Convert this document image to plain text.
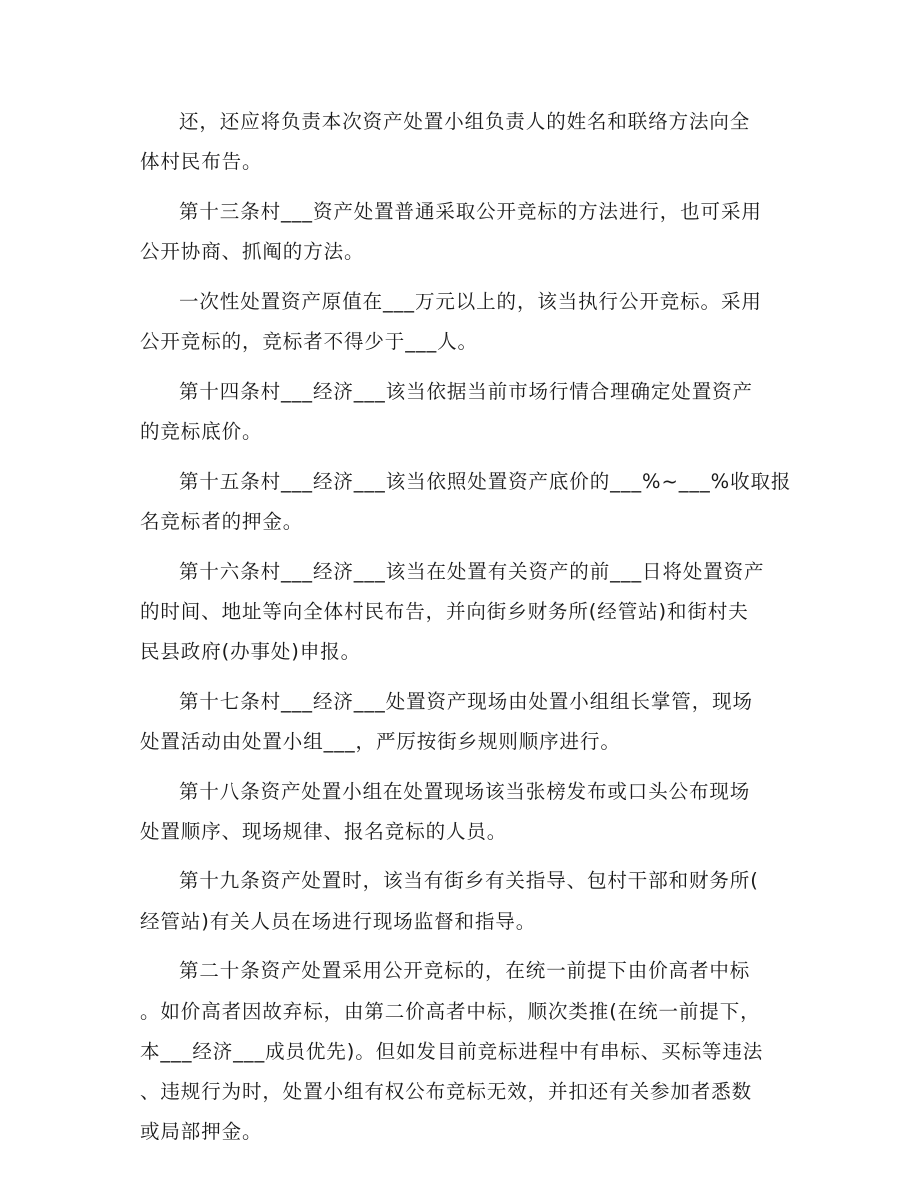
还，还应将负责本次资产处置小组负责人的姓名和联络方法向全
体村民布告。

第十三条村___资产处置普通采取公开竞标的方法进行，也可采用
公开协商、抓阄的方法。

一次性处置资产原值在___万元以上的，该当执行公开竞标。采用
公开竞标的，竞标者不得少于___人。

第十四条村___经济___该当依据当前市场行情合理确定处置资产
的竞标底价。

第十五条村___经济___该当依照处置资产底价的___%~___%收取报
名竞标者的押金。

第十六条村___经济___该当在处置有关资产的前___日将处置资产
的时间、地址等向全体村民布告，并向街乡财务所(经管站)和街村夫
民县政府(办事处)申报。

第十七条村___经济___处置资产现场由处置小组组长掌管，现场
处置活动由处置小组___，严厉按街乡规则顺序进行。

第十八条资产处置小组在处置现场该当张榜发布或口头公布现场
处置顺序、现场规律、报名竞标的人员。

第十九条资产处置时，该当有街乡有关指导、包村干部和财务所(
经管站)有关人员在场进行现场监督和指导。

第二十条资产处置采用公开竞标的，在统一前提下由价高者中标
。如价高者因故弃标，由第二价高者中标，顺次类推(在统一前提下，
本___经济___成员优先)。但如发目前竞标进程中有串标、买标等违法
、违规行为时，处置小组有权公布竞标无效，并扣还有关参加者悉数
或局部押金。
